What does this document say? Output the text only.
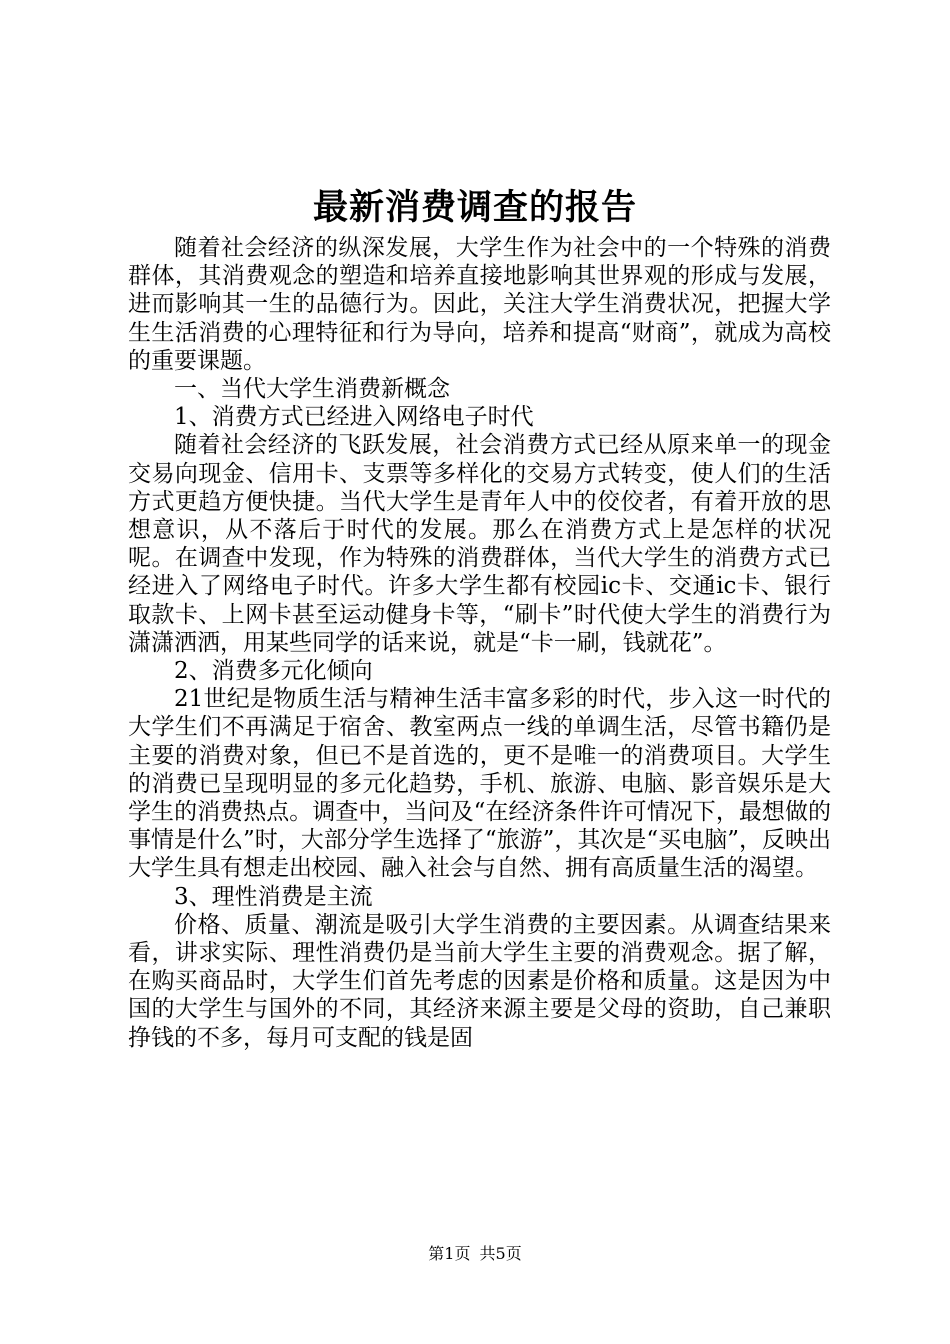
最新消费调查的报告

随着社会经济的纵深发展，大学生作为社会中的一个特殊的消费群体，其消费观念的塑造和培养直接地影响其世界观的形成与发展，进而影响其一生的品德行为。因此，关注大学生消费状况，把握大学生生活消费的心理特征和行为导向，培养和提高“财商”，就成为高校的重要课题。

一、当代大学生消费新概念

1、消费方式已经进入网络电子时代

随着社会经济的飞跃发展，社会消费方式已经从原来单一的现金交易向现金、信用卡、支票等多样化的交易方式转变，使人们的生活方式更趋方便快捷。当代大学生是青年人中的佼佼者，有着开放的思想意识，从不落后于时代的发展。那么在消费方式上是怎样的状况呢。在调查中发现，作为特殊的消费群体，当代大学生的消费方式已经进入了网络电子时代。许多大学生都有校园ic卡、交通ic卡、银行取款卡、上网卡甚至运动健身卡等，“刷卡”时代使大学生的消费行为潇潇洒洒，用某些同学的话来说，就是“卡一刷，钱就花”。

2、消费多元化倾向

21世纪是物质生活与精神生活丰富多彩的时代，步入这一时代的大学生们不再满足于宿舍、教室两点一线的单调生活，尽管书籍仍是主要的消费对象，但已不是首选的，更不是唯一的消费项目。大学生的消费已呈现明显的多元化趋势，手机、旅游、电脑、影音娱乐是大学生的消费热点。调查中，当问及“在经济条件许可情况下，最想做的事情是什么”时，大部分学生选择了“旅游”，其次是“买电脑”，反映出大学生具有想走出校园、融入社会与自然、拥有高质量生活的渴望。

3、理性消费是主流

价格、质量、潮流是吸引大学生消费的主要因素。从调查结果来看，讲求实际、理性消费仍是当前大学生主要的消费观念。据了解，在购买商品时，大学生们首先考虑的因素是价格和质量。这是因为中国的大学生与国外的不同，其经济来源主要是父母的资助，自己兼职挣钱的不多，每月可支配的钱是固

第1页 共5页
